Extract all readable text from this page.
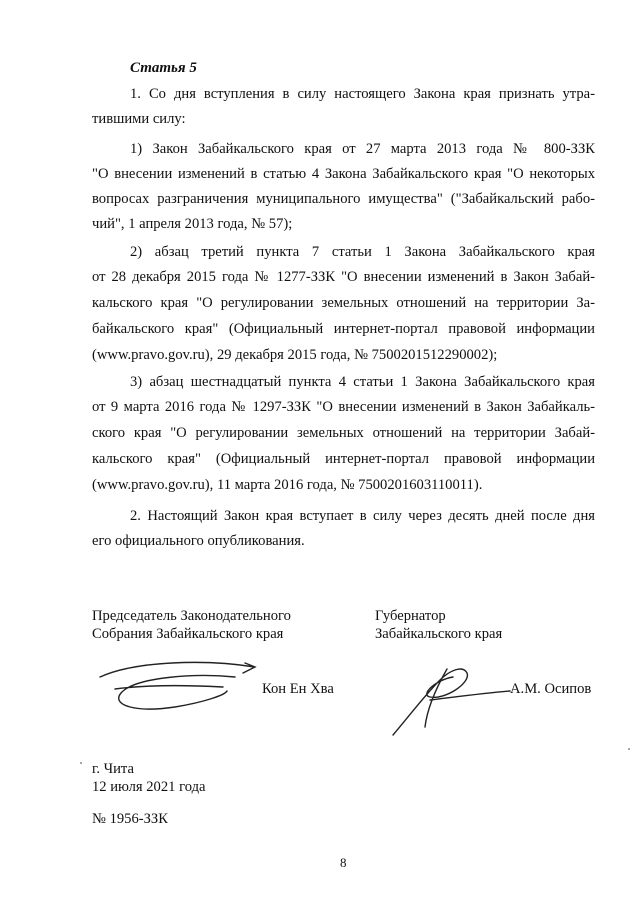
Статья 5
1. Со дня вступления в силу настоящего Закона края признать утра-
тившими силу:
1) Закон Забайкальского края от 27 марта 2013 года № 800-ЗЗК
"О внесении изменений в статью 4 Закона Забайкальского края "О некоторых
вопросах разграничения муниципального имущества" ("Забайкальский рабо-
чий", 1 апреля 2013 года, № 57);
2) абзац третий пункта 7 статьи 1 Закона Забайкальского края
от 28 декабря 2015 года № 1277-ЗЗК "О внесении изменений в Закон Забай-
кальского края "О регулировании земельных отношений на территории За-
байкальского края" (Официальный интернет-портал правовой информации
(www.pravo.gov.ru), 29 декабря 2015 года, № 7500201512290002);
3) абзац шестнадцатый пункта 4 статьи 1 Закона Забайкальского края
от 9 марта 2016 года № 1297-ЗЗК "О внесении изменений в Закон Забайкаль-
ского края "О регулировании земельных отношений на территории Забай-
кальского края" (Официальный интернет-портал правовой информации
(www.pravo.gov.ru), 11 марта 2016 года, № 7500201603110011).
2. Настоящий Закон края вступает в силу через десять дней после дня
его официального опубликования.
Председатель Законодательного
Собрания Забайкальского края
Кон Ен Хва
Губернатор
Забайкальского края
А.М. Осипов
г. Чита
12 июля 2021 года
№ 1956-ЗЗК
8
